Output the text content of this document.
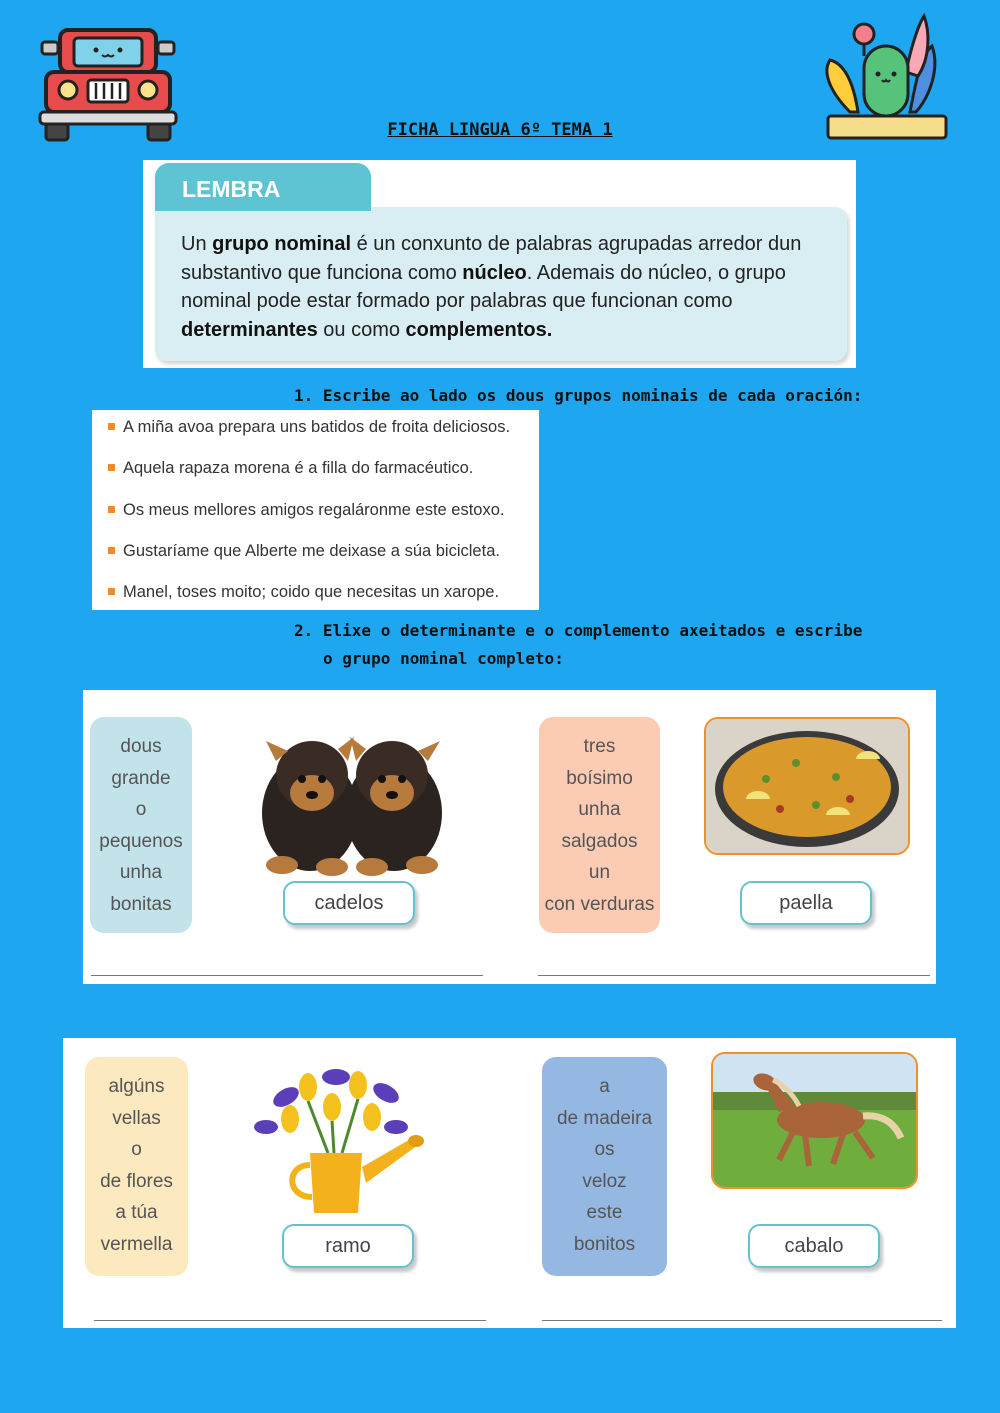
FICHA LINGUA 6º TEMA 1
LEMBRA
Un grupo nominal é un conxunto de palabras agrupadas arredor dun substantivo que funciona como núcleo. Ademais do núcleo, o grupo nominal pode estar formado por palabras que funcionan como determinantes ou como complementos.
1. Escribe ao lado os dous grupos nominais de cada oración:
A miña avoa prepara uns batidos de froita deliciosos.
Aquela rapaza morena é a filla do farmacéutico.
Os meus mellores amigos regaláronme este estoxo.
Gustaríame que Alberte me deixase a súa bicicleta.
Manel, toses moito; coido que necesitas un xarope.
2. Elixe o determinante e o complemento axeitados e escribe
o grupo nominal completo:
dous
grande
o
pequenos
unha
bonitas	cadelos
tres
boísimo
unha
salgados
un
con verduras	paella
algúns
vellas
o
de flores
a túa
vermella	ramo
a
de madeira
os
veloz
este
bonitos	cabalo
